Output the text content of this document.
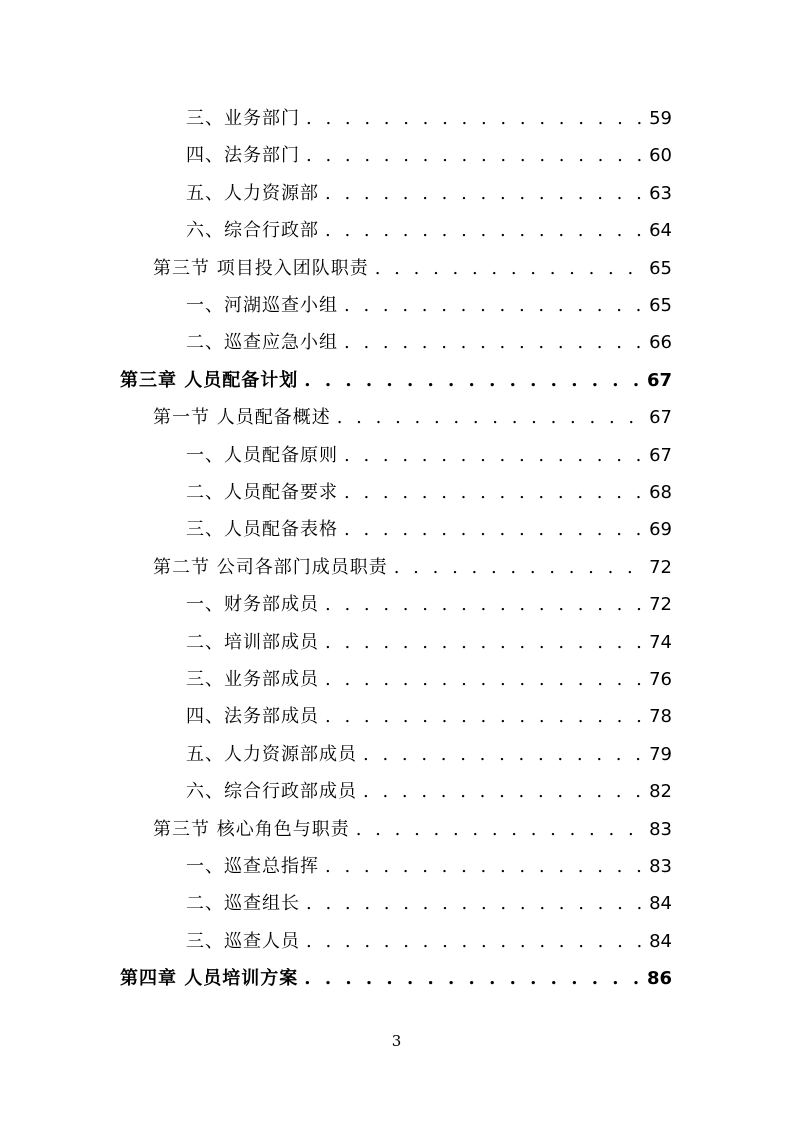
三、业务部门 . . .	59
四、法务部门 . . .	60
五、人力资源部 . . .	63
六、综合行政部 . . .	64
第三节 项目投入团队职责 . . .	65
一、河湖巡查小组 . . .	65
二、巡查应急小组 . . .	66
第三章 人员配备计划 . . .	67
第一节 人员配备概述 . . .	67
一、人员配备原则 . . .	67
二、人员配备要求 . . .	68
三、人员配备表格 . . .	69
第二节 公司各部门成员职责 . . .	72
一、财务部成员 . . .	72
二、培训部成员 . . .	74
三、业务部成员 . . .	76
四、法务部成员 . . .	78
五、人力资源部成员 . . .	79
六、综合行政部成员 . . .	82
第三节 核心角色与职责 . . .	83
一、巡查总指挥 . . .	83
二、巡查组长 . . .	84
三、巡查人员 . . .	84
第四章 人员培训方案 . . .	86
3
